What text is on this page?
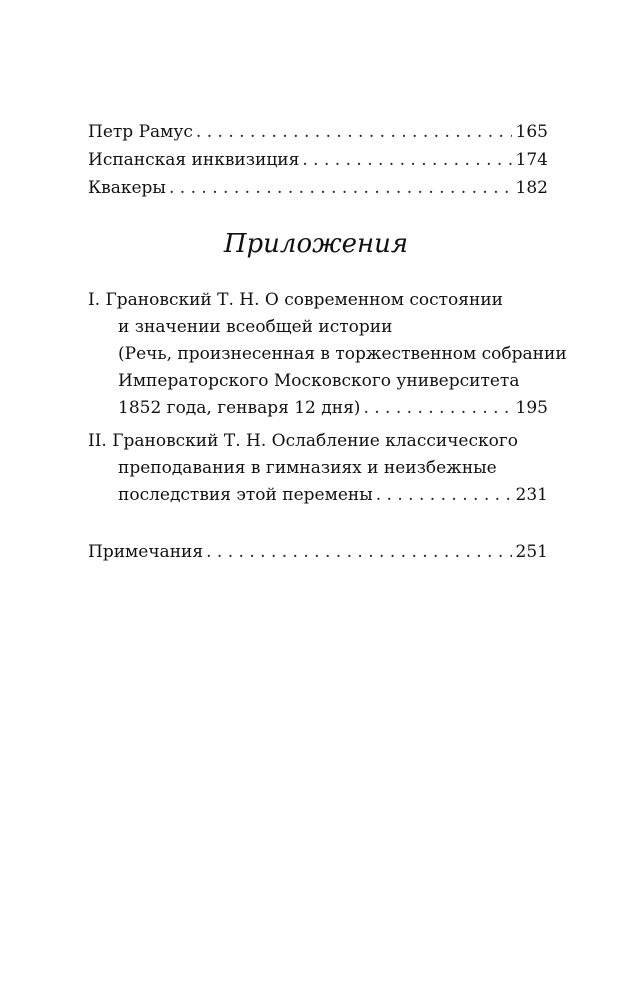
Петр Рамус . . .	165
Испанская инквизиция . . .	174
Квакеры . . .	182
Приложения
I. Грановский Т. Н. О современном состоянии
и значении всеобщей истории
(Речь, произнесенная в торжественном собрании
Императорского Московского университета
1852 года, генваря 12 дня) . . .	195
II. Грановский Т. Н. Ослабление классического
преподавания в гимназиях и неизбежные
последствия этой перемены . . .	231
Примечания . . .	251
